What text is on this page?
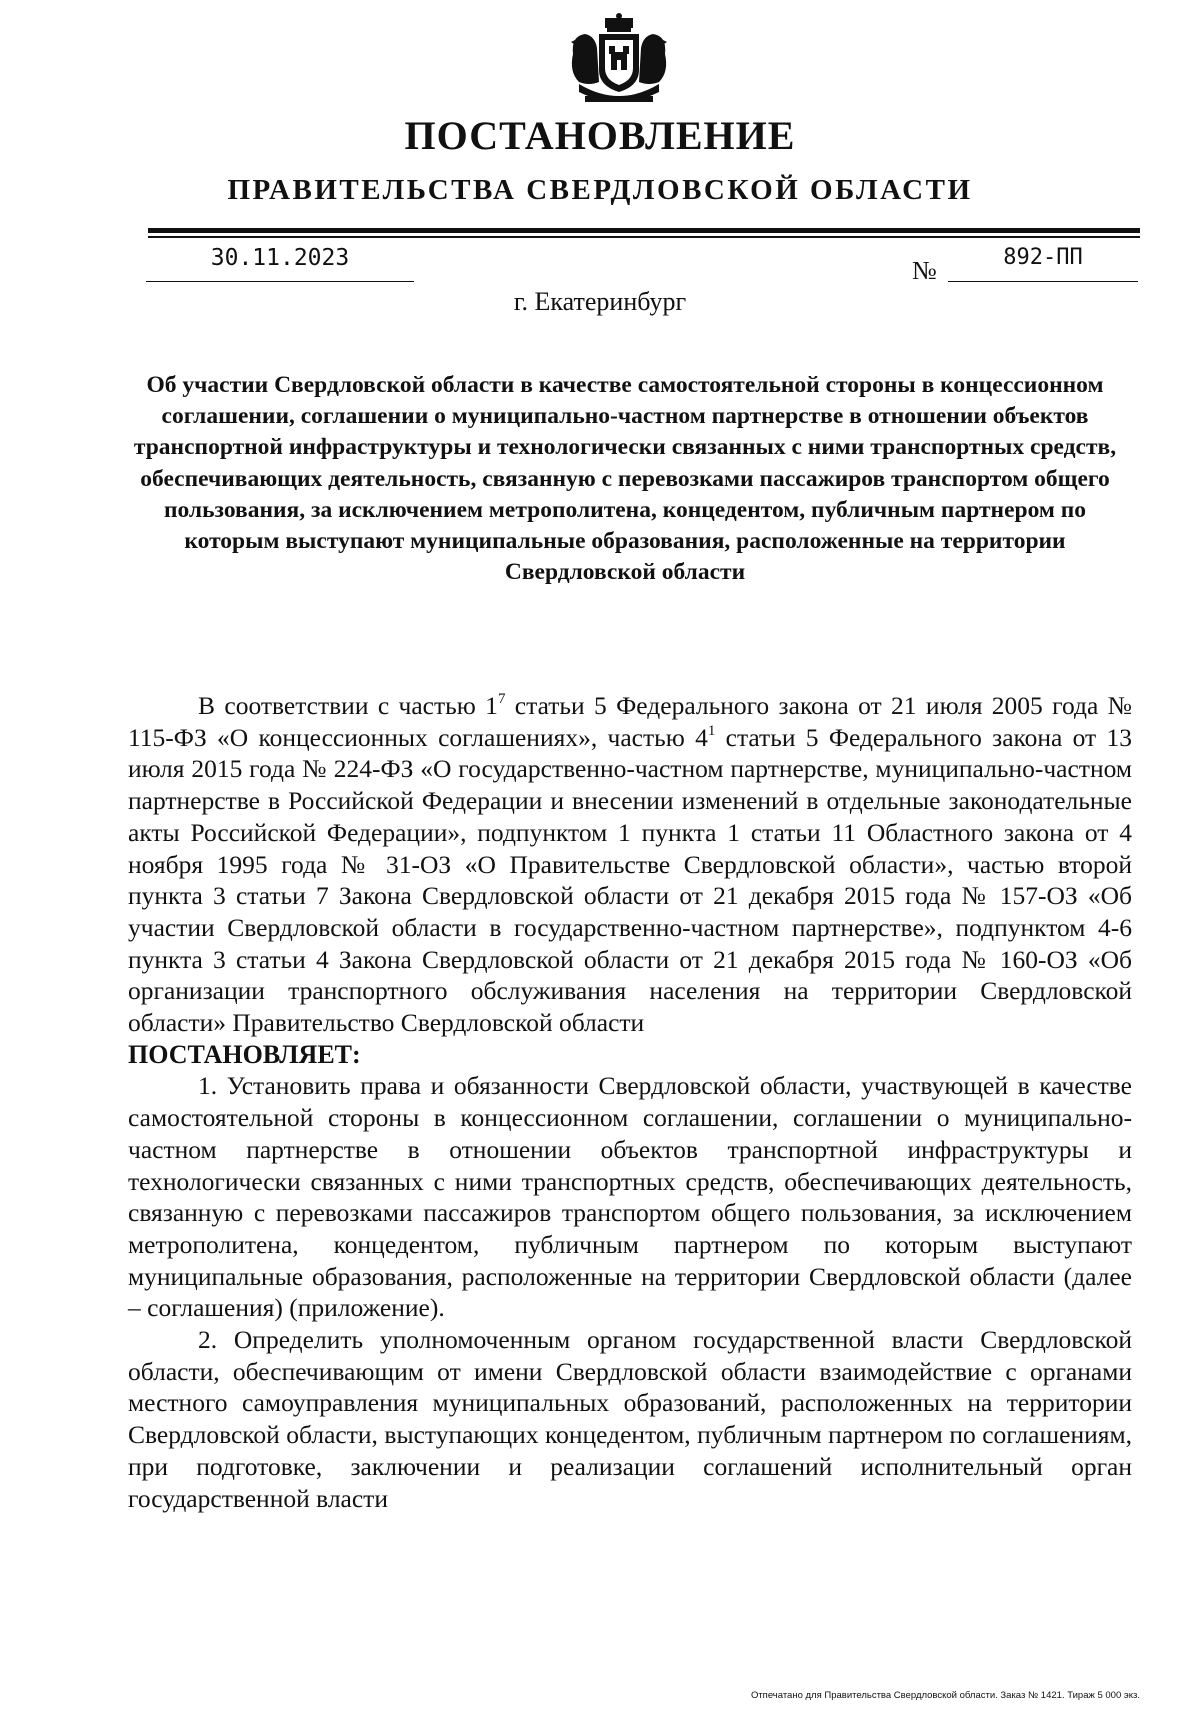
ПОСТАНОВЛЕНИЕ
ПРАВИТЕЛЬСТВА СВЕРДЛОВСКОЙ ОБЛАСТИ
30.11.2023	№	892-ПП
г. Екатеринбург
Об участии Свердловской области в качестве самостоятельной стороны в концессионном соглашении, соглашении о муниципально-частном партнерстве в отношении объектов транспортной инфраструктуры и технологически связанных с ними транспортных средств, обеспечивающих деятельность, связанную с перевозками пассажиров транспортом общего пользования, за исключением метрополитена, концедентом, публичным партнером по которым выступают муниципальные образования, расположенные на территории Свердловской области

В соответствии с частью $1^7$ статьи 5 Федерального закона от 21 июля 2005 года № 115-ФЗ «О концессионных соглашениях», частью $4^1$ статьи 5 Федерального закона от 13 июля 2015 года № 224-ФЗ «О государственно-частном партнерстве, муниципально-частном партнерстве в Российской Федерации и внесении изменений в отдельные законодательные акты Российской Федерации», подпунктом 1 пункта 1 статьи 11 Областного закона от 4 ноября 1995 года № 31-ОЗ «О Правительстве Свердловской области», частью второй пункта 3 статьи 7 Закона Свердловской области от 21 декабря 2015 года № 157-ОЗ «Об участии Свердловской области в государственно-частном партнерстве», подпунктом 4-6 пункта 3 статьи 4 Закона Свердловской области от 21 декабря 2015 года № 160-ОЗ «Об организации транспортного обслуживания населения на территории Свердловской области» Правительство Свердловской области

ПОСТАНОВЛЯЕТ:

1. Установить права и обязанности Свердловской области, участвующей в качестве самостоятельной стороны в концессионном соглашении, соглашении о муниципально-частном партнерстве в отношении объектов транспортной инфраструктуры и технологически связанных с ними транспортных средств, обеспечивающих деятельность, связанную с перевозками пассажиров транспортом общего пользования, за исключением метрополитена, концедентом, публичным партнером по которым выступают муниципальные образования, расположенные на территории Свердловской области (далее – соглашения) (приложение).

2. Определить уполномоченным органом государственной власти Свердловской области, обеспечивающим от имени Свердловской области взаимодействие с органами местного самоуправления муниципальных образований, расположенных на территории Свердловской области, выступающих концедентом, публичным партнером по соглашениям, при подготовке, заключении и реализации соглашений исполнительный орган государственной власти

Отпечатано для Правительства Свердловской области. Заказ № 1421. Тираж 5 000 экз.
